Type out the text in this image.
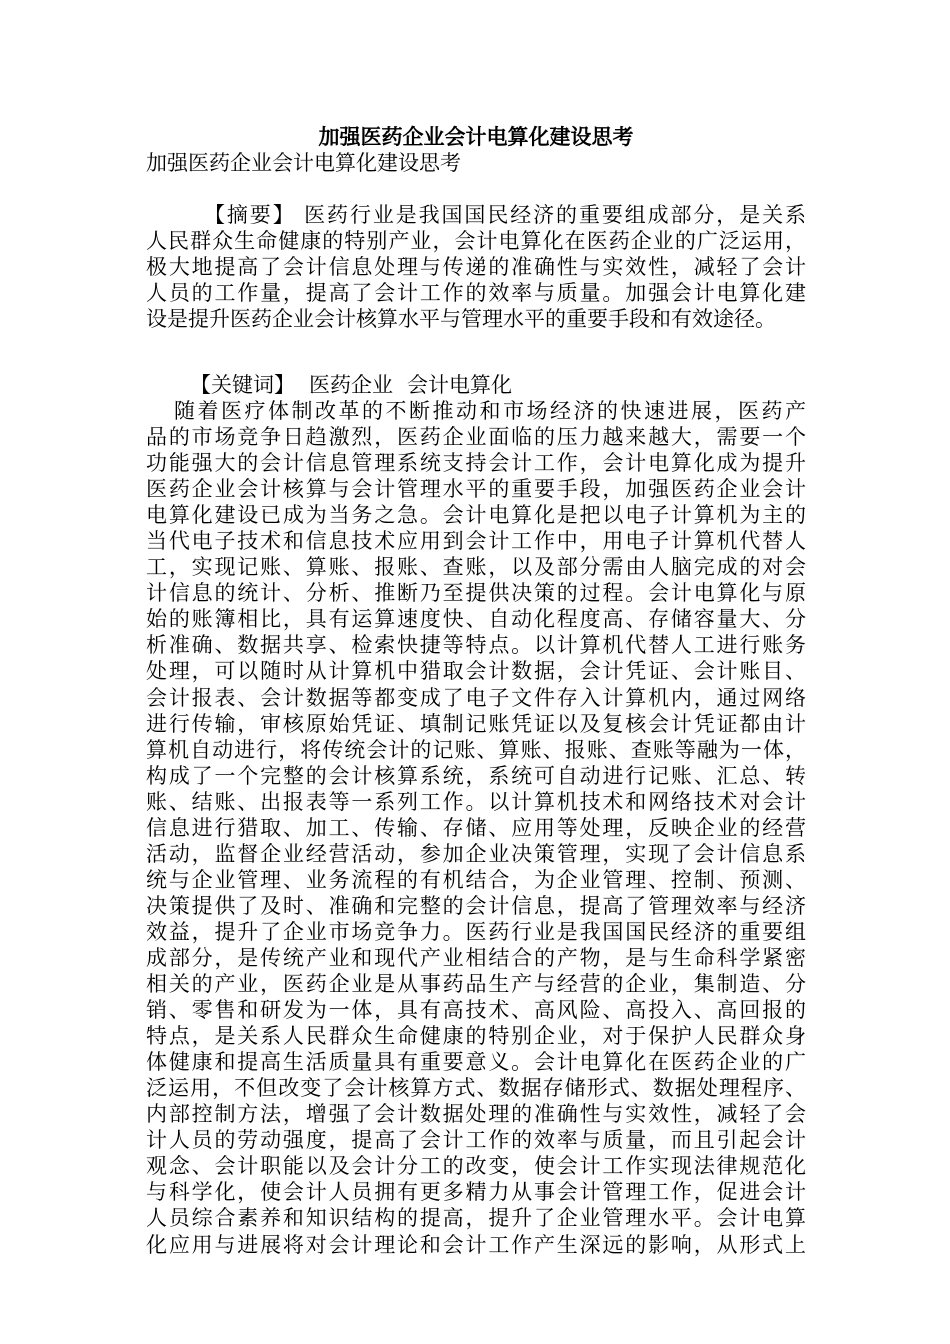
加强医药企业会计电算化建设思考
加强医药企业会计电算化建设思考
【摘要】 医药行业是我国国民经济的重要组成部分，是关系
人民群众生命健康的特别产业，会计电算化在医药企业的广泛运用，
极大地提高了会计信息处理与传递的准确性与实效性，减轻了会计
人员的工作量，提高了会计工作的效率与质量。加强会计电算化建
设是提升医药企业会计核算水平与管理水平的重要手段和有效途径。
【关键词】 医药企业 会计电算化
随着医疗体制改革的不断推动和市场经济的快速进展，医药产
品的市场竞争日趋激烈，医药企业面临的压力越来越大，需要一个
功能强大的会计信息管理系统支持会计工作，会计电算化成为提升
医药企业会计核算与会计管理水平的重要手段，加强医药企业会计
电算化建设已成为当务之急。会计电算化是把以电子计算机为主的
当代电子技术和信息技术应用到会计工作中，用电子计算机代替人
工，实现记账、算账、报账、查账，以及部分需由人脑完成的对会
计信息的统计、分析、推断乃至提供决策的过程。会计电算化与原
始的账簿相比，具有运算速度快、自动化程度高、存储容量大、分
析准确、数据共享、检索快捷等特点。以计算机代替人工进行账务
处理，可以随时从计算机中猎取会计数据，会计凭证、会计账目、
会计报表、会计数据等都变成了电子文件存入计算机内，通过网络
进行传输，审核原始凭证、填制记账凭证以及复核会计凭证都由计
算机自动进行，将传统会计的记账、算账、报账、查账等融为一体，
构成了一个完整的会计核算系统，系统可自动进行记账、汇总、转
账、结账、出报表等一系列工作。以计算机技术和网络技术对会计
信息进行猎取、加工、传输、存储、应用等处理，反映企业的经营
活动，监督企业经营活动，参加企业决策管理，实现了会计信息系
统与企业管理、业务流程的有机结合，为企业管理、控制、预测、
决策提供了及时、准确和完整的会计信息，提高了管理效率与经济
效益，提升了企业市场竞争力。医药行业是我国国民经济的重要组
成部分，是传统产业和现代产业相结合的产物，是与生命科学紧密
相关的产业，医药企业是从事药品生产与经营的企业，集制造、分
销、零售和研发为一体，具有高技术、高风险、高投入、高回报的
特点，是关系人民群众生命健康的特别企业，对于保护人民群众身
体健康和提高生活质量具有重要意义。会计电算化在医药企业的广
泛运用，不但改变了会计核算方式、数据存储形式、数据处理程序、
内部控制方法，增强了会计数据处理的准确性与实效性，减轻了会
计人员的劳动强度，提高了会计工作的效率与质量，而且引起会计
观念、会计职能以及会计分工的改变，使会计工作实现法律规范化
与科学化，使会计人员拥有更多精力从事会计管理工作，促进会计
人员综合素养和知识结构的提高，提升了企业管理水平。会计电算
化应用与进展将对会计理论和会计工作产生深远的影响，从形式上
